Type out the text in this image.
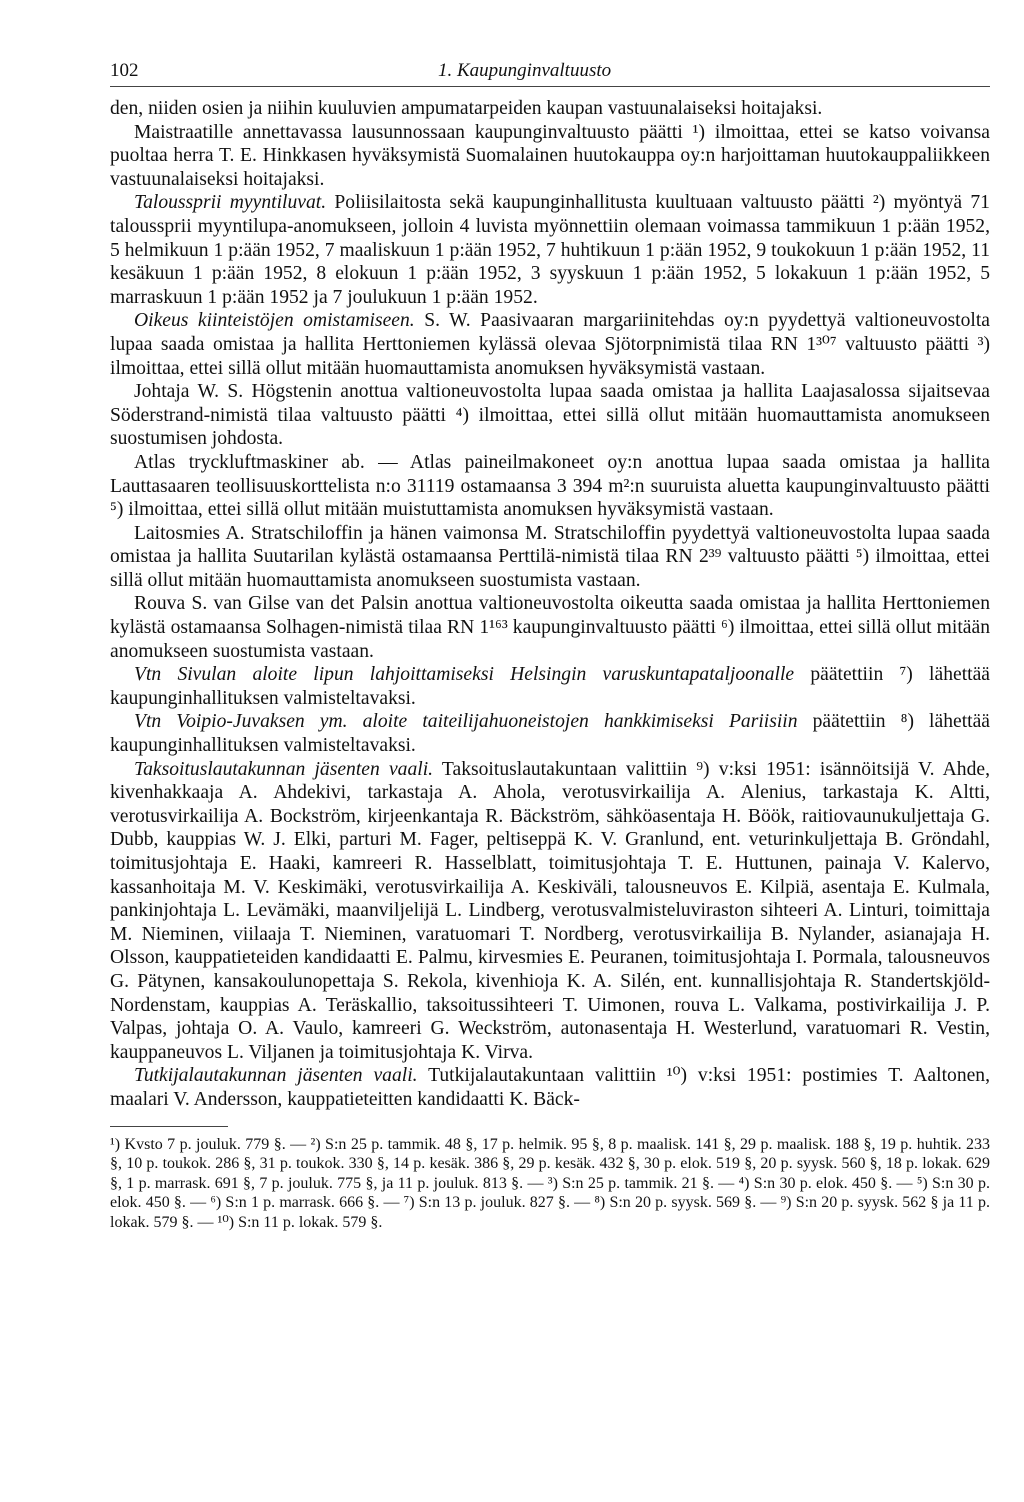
102	1. Kaupunginvaltuusto

den, niiden osien ja niihin kuuluvien ampumatarpeiden kaupan vastuunalaiseksi hoitajaksi.

Maistraatille annettavassa lausunnossaan kaupunginvaltuusto päätti ¹) ilmoittaa, ettei se katso voivansa puoltaa herra T. E. Hinkkasen hyväksymistä Suomalainen huutokauppa oy:n harjoittaman huutokauppaliikkeen vastuunalaiseksi hoitajaksi.

Taloussprii myyntiluvat. Poliisilaitosta sekä kaupunginhallitusta kuultuaan valtuusto päätti ²) myöntyä 71 taloussprii myyntilupa-anomukseen, jolloin 4 luvista myönnettiin olemaan voimassa tammikuun 1 p:ään 1952, 5 helmikuun 1 p:ään 1952, 7 maaliskuun 1 p:ään 1952, 7 huhtikuun 1 p:ään 1952, 9 toukokuun 1 p:ään 1952, 11 kesäkuun 1 p:ään 1952, 8 elokuun 1 p:ään 1952, 3 syyskuun 1 p:ään 1952, 5 lokakuun 1 p:ään 1952, 5 marraskuun 1 p:ään 1952 ja 7 joulukuun 1 p:ään 1952.

Oikeus kiinteistöjen omistamiseen. S. W. Paasivaaran margariinitehdas oy:n pyydettyä valtioneuvostolta lupaa saada omistaa ja hallita Herttoniemen kylässä olevaa Sjötorpnimistä tilaa RN 1³⁰⁷ valtuusto päätti ³) ilmoittaa, ettei sillä ollut mitään huomauttamista anomuksen hyväksymistä vastaan.

Johtaja W. S. Högstenin anottua valtioneuvostolta lupaa saada omistaa ja hallita Laajasalossa sijaitsevaa Söderstrand-nimistä tilaa valtuusto päätti ⁴) ilmoittaa, ettei sillä ollut mitään huomauttamista anomukseen suostumisen johdosta.

Atlas tryckluftmaskiner ab. — Atlas paineilmakoneet oy:n anottua lupaa saada omistaa ja hallita Lauttasaaren teollisuuskorttelista n:o 31119 ostamaansa 3 394 m²:n suuruista aluetta kaupunginvaltuusto päätti ⁵) ilmoittaa, ettei sillä ollut mitään muistuttamista anomuksen hyväksymistä vastaan.

Laitosmies A. Stratschiloffin ja hänen vaimonsa M. Stratschiloffin pyydettyä valtioneuvostolta lupaa saada omistaa ja hallita Suutarilan kylästä ostamaansa Perttilä-nimistä tilaa RN 2³⁹ valtuusto päätti ⁵) ilmoittaa, ettei sillä ollut mitään huomauttamista anomukseen suostumista vastaan.

Rouva S. van Gilse van det Palsin anottua valtioneuvostolta oikeutta saada omistaa ja hallita Herttoniemen kylästä ostamaansa Solhagen-nimistä tilaa RN 1¹⁶³ kaupunginvaltuusto päätti ⁶) ilmoittaa, ettei sillä ollut mitään anomukseen suostumista vastaan.

Vtn Sivulan aloite lipun lahjoittamiseksi Helsingin varuskuntapataljoonalle päätettiin ⁷) lähettää kaupunginhallituksen valmisteltavaksi.

Vtn Voipio-Juvaksen ym. aloite taiteilijahuoneistojen hankkimiseksi Pariisiin päätettiin ⁸) lähettää kaupunginhallituksen valmisteltavaksi.

Taksoituslautakunnan jäsenten vaali. Taksoituslautakuntaan valittiin ⁹) v:ksi 1951: isännöitsijä V. Ahde, kivenhakkaaja A. Ahdekivi, tarkastaja A. Ahola, verotusvirkailija A. Alenius, tarkastaja K. Altti, verotusvirkailija A. Bockström, kirjeenkantaja R. Bäckström, sähköasentaja H. Böök, raitiovaunukuljettaja G. Dubb, kauppias W. J. Elki, parturi M. Fager, peltiseppä K. V. Granlund, ent. veturinkuljettaja B. Gröndahl, toimitusjohtaja E. Haaki, kamreeri R. Hasselblatt, toimitusjohtaja T. E. Huttunen, painaja V. Kalervo, kassanhoitaja M. V. Keskimäki, verotusvirkailija A. Keskiväli, talousneuvos E. Kilpiä, asentaja E. Kulmala, pankinjohtaja L. Levämäki, maanviljelijä L. Lindberg, verotusvalmisteluviraston sihteeri A. Linturi, toimittaja M. Nieminen, viilaaja T. Nieminen, varatuomari T. Nordberg, verotusvirkailija B. Nylander, asianajaja H. Olsson, kauppatieteiden kandidaatti E. Palmu, kirvesmies E. Peuranen, toimitusjohtaja I. Pormala, talousneuvos G. Pätynen, kansakoulunopettaja S. Rekola, kivenhioja K. A. Silén, ent. kunnallisjohtaja R. Standertskjöld-Nordenstam, kauppias A. Teräskallio, taksoitussihteeri T. Uimonen, rouva L. Valkama, postivirkailija J. P. Valpas, johtaja O. A. Vaulo, kamreeri G. Weckström, autonasentaja H. Westerlund, varatuomari R. Vestin, kauppaneuvos L. Viljanen ja toimitusjohtaja K. Virva.

Tutkijalautakunnan jäsenten vaali. Tutkijalautakuntaan valittiin ¹⁰) v:ksi 1951: postimies T. Aaltonen, maalari V. Andersson, kauppatieteitten kandidaatti K. Bäck-

¹) Kvsto 7 p. jouluk. 779 §. — ²) S:n 25 p. tammik. 48 §, 17 p. helmik. 95 §, 8 p. maalisk. 141 §, 29 p. maalisk. 188 §, 19 p. huhtik. 233 §, 10 p. toukok. 286 §, 31 p. toukok. 330 §, 14 p. kesäk. 386 §, 29 p. kesäk. 432 §, 30 p. elok. 519 §, 20 p. syysk. 560 §, 18 p. lokak. 629 §, 1 p. marrask. 691 §, 7 p. jouluk. 775 §, ja 11 p. jouluk. 813 §. — ³) S:n 25 p. tammik. 21 §. — ⁴) S:n 30 p. elok. 450 §. — ⁵) S:n 30 p. elok. 450 §. — ⁶) S:n 1 p. marrask. 666 §. — ⁷) S:n 13 p. jouluk. 827 §. — ⁸) S:n 20 p. syysk. 569 §. — ⁹) S:n 20 p. syysk. 562 § ja 11 p. lokak. 579 §. — ¹⁰) S:n 11 p. lokak. 579 §.
